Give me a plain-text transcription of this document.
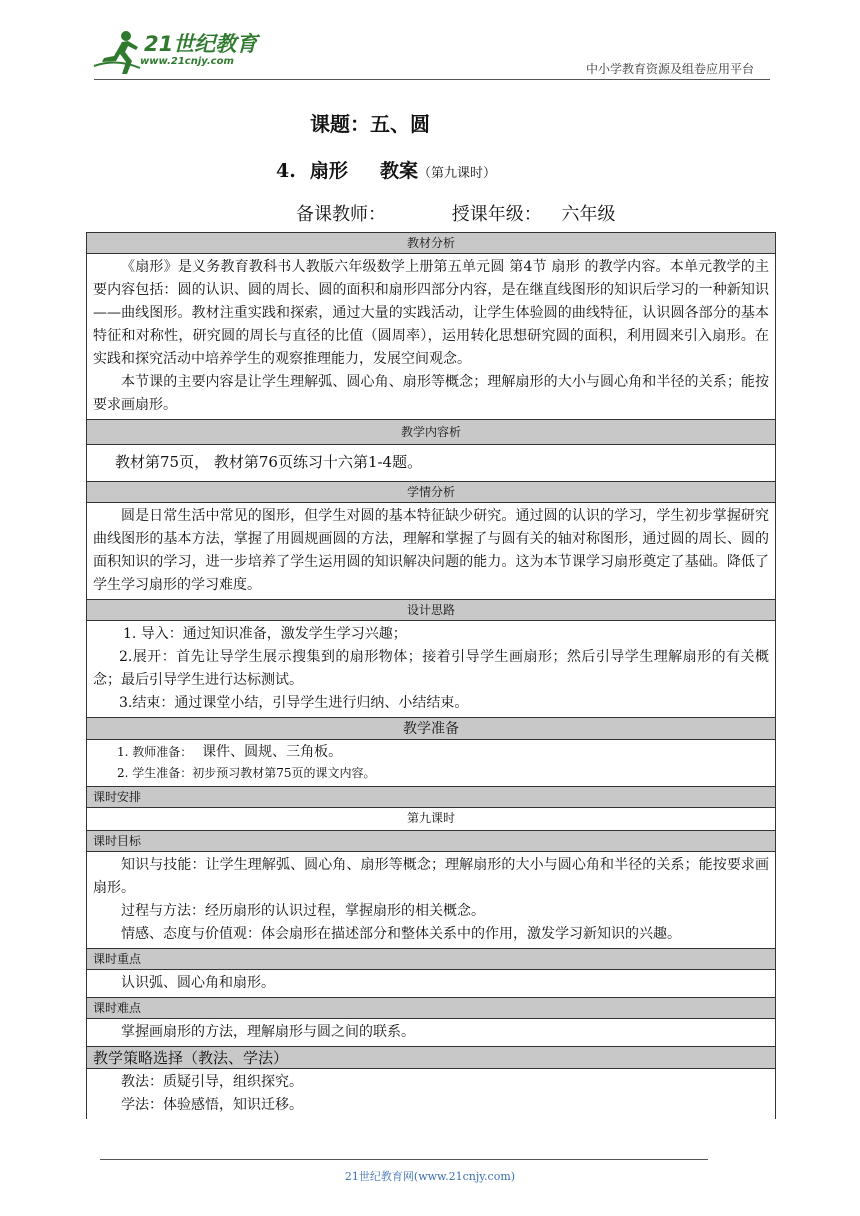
21世纪教育
www.21cnjy.com
中小学教育资源及组卷应用平台
课题：五、圆
4. 扇形 教案（第九课时）
备课教师：	授课年级： 六年级
教材分析

《扇形》是义务教育教科书人教版六年级数学上册第五单元圆 第4节 扇形 的教学内容。本单元教学的主要内容包括：圆的认识、圆的周长、圆的面积和扇形四部分内容，是在继直线图形的知识后学习的一种新知识——曲线图形。教材注重实践和探索，通过大量的实践活动，让学生体验圆的曲线特征，认识圆各部分的基本特征和对称性，研究圆的周长与直径的比值（圆周率），运用转化思想研究圆的面积，利用圆来引入扇形。在实践和探究活动中培养学生的观察推理能力，发展空间观念。

本节课的主要内容是让学生理解弧、圆心角、扇形等概念；理解扇形的大小与圆心角和半径的关系；能按要求画扇形。

教学内容析

教材第75页， 教材第76页练习十六第1-4题。

学情分析

圆是日常生活中常见的图形，但学生对圆的基本特征缺少研究。通过圆的认识的学习，学生初步掌握研究曲线图形的基本方法，掌握了用圆规画圆的方法，理解和掌握了与圆有关的轴对称图形，通过圆的周长、圆的面积知识的学习，进一步培养了学生运用圆的知识解决问题的能力。这为本节课学习扇形奠定了基础。降低了学生学习扇形的学习难度。

设计思路

1. 导入：通过知识准备，激发学生学习兴趣；

2.展开：首先让导学生展示搜集到的扇形物体；接着引导学生画扇形；然后引导学生理解扇形的有关概念；最后引导学生进行达标测试。

3.结束：通过课堂小结，引导学生进行归纳、小结结束。

教学准备
1. 教师准备： 课件、圆规、三角板。
2. 学生准备：初步预习教材第75页的课文内容。
课时安排
第九课时
课时目标

知识与技能：让学生理解弧、圆心角、扇形等概念；理解扇形的大小与圆心角和半径的关系；能按要求画扇形。

过程与方法：经历扇形的认识过程，掌握扇形的相关概念。

情感、态度与价值观：体会扇形在描述部分和整体关系中的作用，激发学习新知识的兴趣。

课时重点

认识弧、圆心角和扇形。

课时难点

掌握画扇形的方法，理解扇形与圆之间的联系。

教学策略选择（教法、学法）

教法：质疑引导，组织探究。

学法：体验感悟，知识迁移。

21世纪教育网(www.21cnjy.com)
